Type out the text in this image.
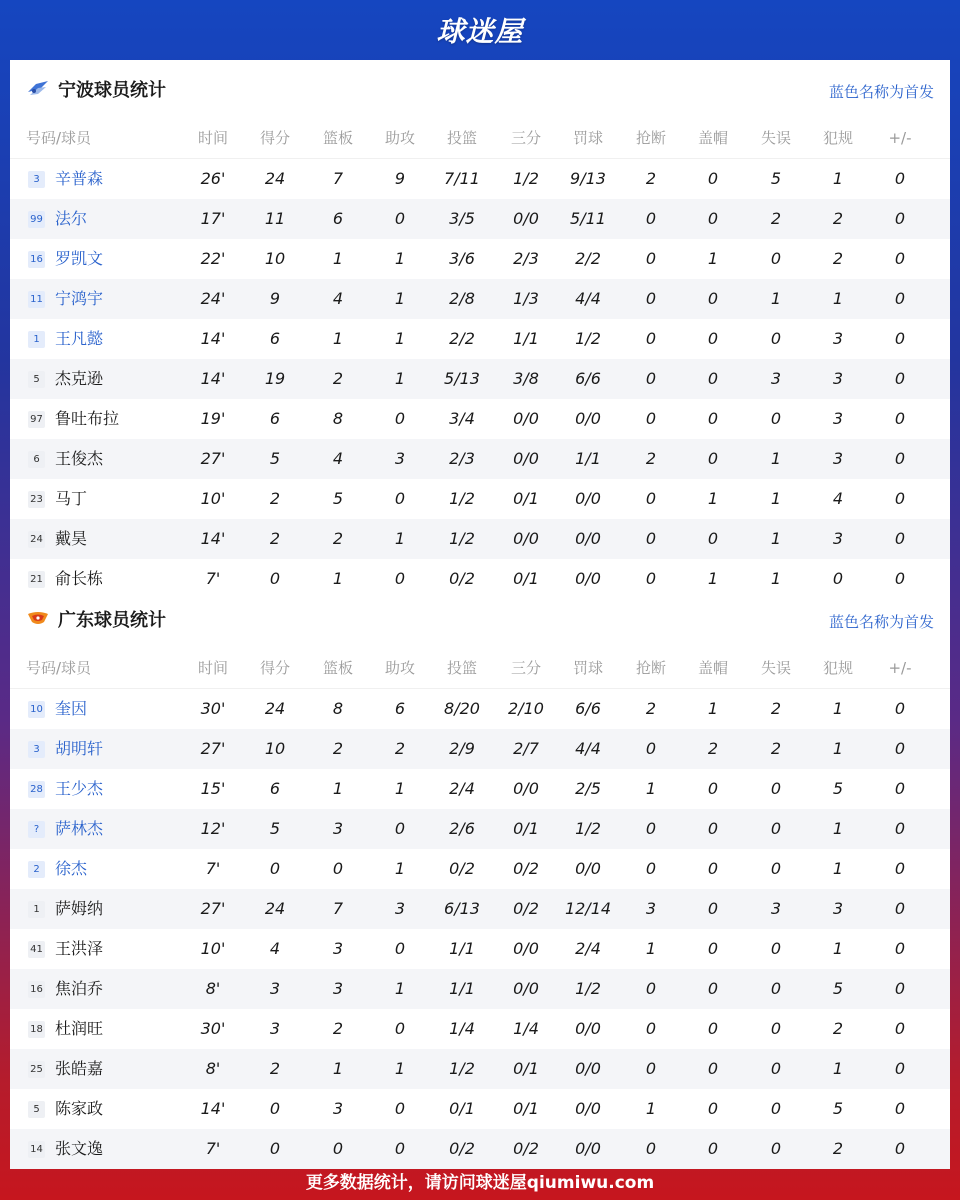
球迷屋
宁波球员统计	蓝色名称为首发
号码/球员	时间	得分	篮板	助攻	投篮	三分	罚球	抢断	盖帽	失误	犯规	+/-
3 辛普森	26'	24	7	9	7/11	1/2	9/13	2	0	5	1	0
99 法尔	17'	11	6	0	3/5	0/0	5/11	0	0	2	2	0
16 罗凯文	22'	10	1	1	3/6	2/3	2/2	0	1	0	2	0
11 宁鸿宇	24'	9	4	1	2/8	1/3	4/4	0	0	1	1	0
1 王凡懿	14'	6	1	1	2/2	1/1	1/2	0	0	0	3	0
5 杰克逊	14'	19	2	1	5/13	3/8	6/6	0	0	3	3	0
97 鲁吐布拉	19'	6	8	0	3/4	0/0	0/0	0	0	0	3	0
6 王俊杰	27'	5	4	3	2/3	0/0	1/1	2	0	1	3	0
23 马丁	10'	2	5	0	1/2	0/1	0/0	0	1	1	4	0
24 戴昊	14'	2	2	1	1/2	0/0	0/0	0	0	1	3	0
21 俞长栋	7'	0	1	0	0/2	0/1	0/0	0	1	1	0	0
广东球员统计	蓝色名称为首发
号码/球员	时间	得分	篮板	助攻	投篮	三分	罚球	抢断	盖帽	失误	犯规	+/-
10 奎因	30'	24	8	6	8/20	2/10	6/6	2	1	2	1	0
3 胡明轩	27'	10	2	2	2/9	2/7	4/4	0	2	2	1	0
28 王少杰	15'	6	1	1	2/4	0/0	2/5	1	0	0	5	0
? 萨林杰	12'	5	3	0	2/6	0/1	1/2	0	0	0	1	0
2 徐杰	7'	0	0	1	0/2	0/2	0/0	0	0	0	1	0
1 萨姆纳	27'	24	7	3	6/13	0/2	12/14	3	0	3	3	0
41 王洪泽	10'	4	3	0	1/1	0/0	2/4	1	0	0	1	0
16 焦泊乔	8'	3	3	1	1/1	0/0	1/2	0	0	0	5	0
18 杜润旺	30'	3	2	0	1/4	1/4	0/0	0	0	0	2	0
25 张皓嘉	8'	2	1	1	1/2	0/1	0/0	0	0	0	1	0
5 陈家政	14'	0	3	0	0/1	0/1	0/0	1	0	0	5	0
14 张文逸	7'	0	0	0	0/2	0/2	0/0	0	0	0	2	0
更多数据统计，请访问球迷屋qiumiwu.com
